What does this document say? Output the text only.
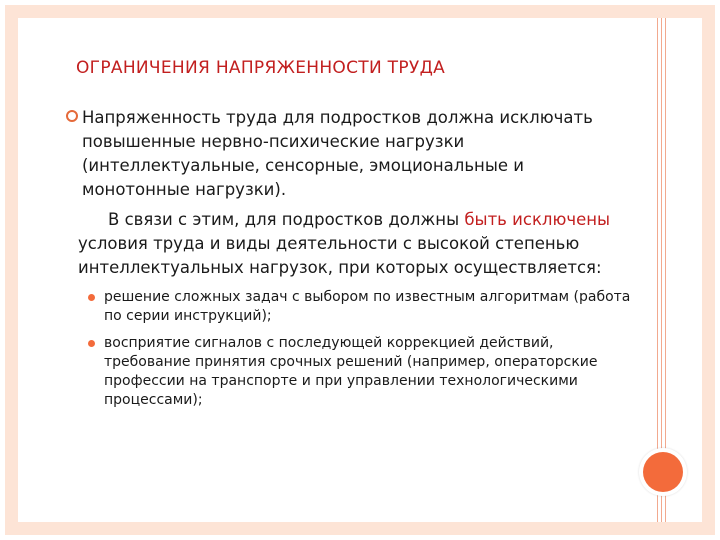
ОГРАНИЧЕНИЯ НАПРЯЖЕННОСТИ ТРУДА
Напряженность труда для подростков должна исключать повышенные нервно-психические нагрузки (интеллектуальные, сенсорные, эмоциональные и монотонные нагрузки).
В связи с этим, для подростков должны быть исключены условия труда и виды деятельности с высокой степенью интеллектуальных нагрузок, при которых осуществляется:
решение сложных задач с выбором по известным алгоритмам (работа по серии инструкций);
восприятие сигналов с последующей коррекцией действий, требование принятия срочных решений (например, операторские профессии на транспорте и при управлении технологическими процессами);
